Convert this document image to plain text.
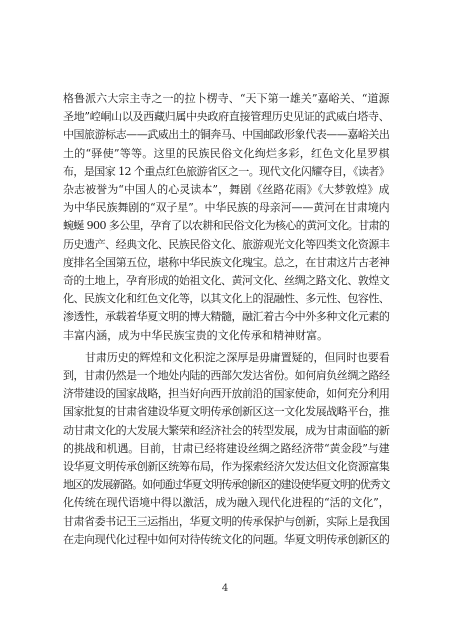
格鲁派六大宗主寺之一的拉卜楞寺、“天下第一雄关”嘉峪关、“道源

圣地”崆峒山以及西藏归属中央政府直接管理历史见证的武威白塔寺、

中国旅游标志——武威出土的铜奔马、中国邮政形象代表——嘉峪关出

土的“驿使”等等。这里的民族民俗文化绚烂多彩，红色文化星罗棋

布，是国家 12 个重点红色旅游省区之一。现代文化闪耀夺目，《读者》

杂志被誉为“中国人的心灵读本”，舞剧《丝路花雨》《大梦敦煌》成

为中华民族舞剧的“双子星”。中华民族的母亲河——黄河在甘肃境内

蜿蜒 900 多公里，孕育了以农耕和民俗文化为核心的黄河文化。甘肃的

历史遗产、经典文化、民族民俗文化、旅游观光文化等四类文化资源丰

度排名全国第五位，堪称中华民族文化瑰宝。总之，在甘肃这片古老神

奇的土地上，孕育形成的始祖文化、黄河文化、丝绸之路文化、敦煌文

化、民族文化和红色文化等，以其文化上的混融性、多元性、包容性、

渗透性，承载着华夏文明的博大精髓，融汇着古今中外多种文化元素的

丰富内涵，成为中华民族宝贵的文化传承和精神财富。

甘肃历史的辉煌和文化积淀之深厚是毋庸置疑的，但同时也要看

到，甘肃仍然是一个地处内陆的西部欠发达省份。如何肩负丝绸之路经

济带建设的国家战略，担当好向西开放前沿的国家使命，如何充分利用

国家批复的甘肃省建设华夏文明传承创新区这一文化发展战略平台，推

动甘肃文化的大发展大繁荣和经济社会的转型发展，成为甘肃面临的新

的挑战和机遇。目前，甘肃已经将建设丝绸之路经济带“黄金段”与建

设华夏文明传承创新区统筹布局，作为探索经济欠发达但文化资源富集

地区的发展新路。如何通过华夏文明传承创新区的建设使华夏文明的优秀文

化传统在现代语境中得以激活，成为融入现代化进程的“活的文化”，

甘肃省委书记王三运指出，华夏文明的传承保护与创新，实际上是我国

在走向现代化过程中如何对待传统文化的问题。华夏文明传承创新区的

4
